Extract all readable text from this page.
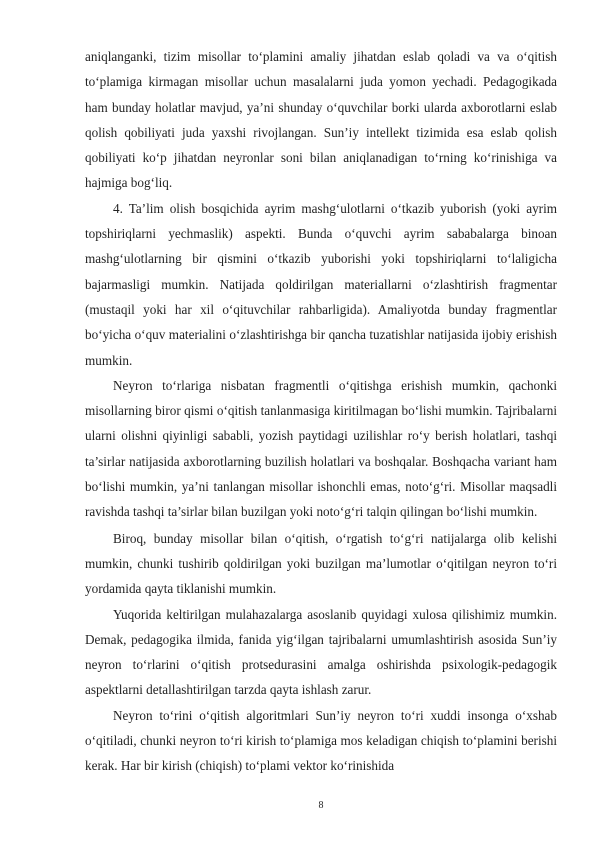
aniqlanganki, tizim misollar to‘plamini amaliy jihatdan eslab qoladi va va o‘qitish to‘plamiga kirmagan misollar uchun masalalarni juda yomon yechadi. Pedagogikada ham bunday holatlar mavjud, ya’ni shunday o‘quvchilar borki ularda axborotlarni eslab qolish qobiliyati juda yaxshi rivojlangan. Sun’iy intellekt tizimida esa eslab qolish qobiliyati ko‘p jihatdan neyronlar soni bilan aniqlanadigan to‘rning ko‘rinishiga va hajmiga bog‘liq.

4. Ta’lim olish bosqichida ayrim mashg‘ulotlarni o‘tkazib yuborish (yoki ayrim topshiriqlarni yechmaslik) aspekti. Bunda o‘quvchi ayrim sababalarga binoan mashg‘ulotlarning bir qismini o‘tkazib yuborishi yoki topshiriqlarni to‘laligicha bajarmasligi mumkin. Natijada qoldirilgan materiallarni o‘zlashtirish fragmentar (mustaqil yoki har xil o‘qituvchilar rahbarligida). Amaliyotda bunday fragmentlar bo‘yicha o‘quv materialini o‘zlashtirishga bir qancha tuzatishlar natijasida ijobiy erishish mumkin.

Neyron to‘rlariga nisbatan fragmentli o‘qitishga erishish mumkin, qachonki misollarning biror qismi o‘qitish tanlanmasiga kiritilmagan bo‘lishi mumkin. Tajribalarni ularni olishni qiyinligi sababli, yozish paytidagi uzilishlar ro‘y berish holatlari, tashqi ta’sirlar natijasida axborotlarning buzilish holatlari va boshqalar. Boshqacha variant ham bo‘lishi mumkin, ya’ni tanlangan misollar ishonchli emas, noto‘g‘ri. Misollar maqsadli ravishda tashqi ta’sirlar bilan buzilgan yoki noto‘g‘ri talqin qilingan bo‘lishi mumkin.

Biroq, bunday misollar bilan o‘qitish, o‘rgatish to‘g‘ri natijalarga olib kelishi mumkin, chunki tushirib qoldirilgan yoki buzilgan ma’lumotlar o‘qitilgan neyron to‘ri yordamida qayta tiklanishi mumkin.

Yuqorida keltirilgan mulahazalarga asoslanib quyidagi xulosa qilishimiz mumkin. Demak, pedagogika ilmida, fanida yig‘ilgan tajribalarni umumlashtirish asosida Sun’iy neyron to‘rlarini o‘qitish protsedurasini amalga oshirishda psixologik-pedagogik aspektlarni detallashtirilgan tarzda qayta ishlash zarur.

Neyron to‘rini o‘qitish algoritmlari Sun’iy neyron to‘ri xuddi insonga o‘xshab o‘qitiladi, chunki neyron to‘ri kirish to‘plamiga mos keladigan chiqish to‘plamini berishi kerak. Har bir kirish (chiqish) to‘plami vektor ko‘rinishida

8
